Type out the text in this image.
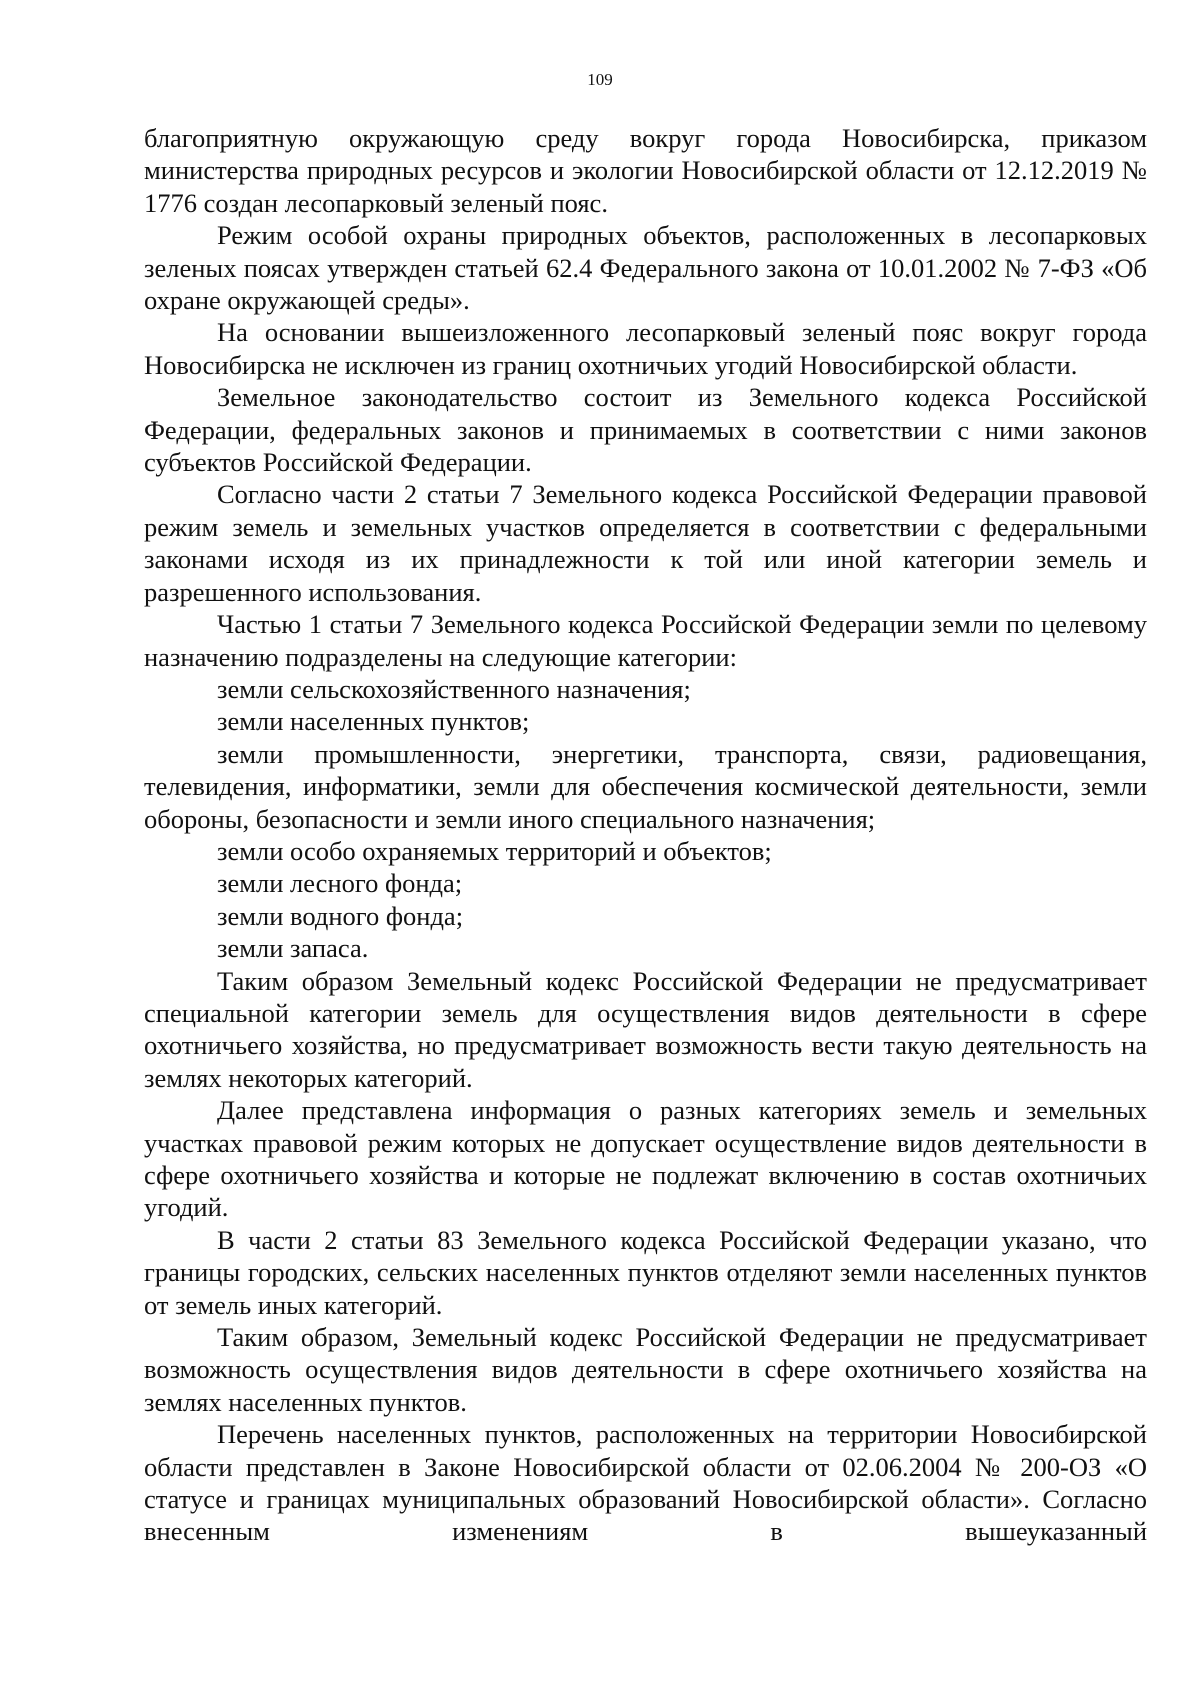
109

благоприятную окружающую среду вокруг города Новосибирска, приказом министерства природных ресурсов и экологии Новосибирской области от 12.12.2019 № 1776 создан лесопарковый зеленый пояс.

Режим особой охраны природных объектов, расположенных в лесопарковых зеленых поясах утвержден статьей 62.4 Федерального закона от 10.01.2002 № 7-ФЗ «Об охране окружающей среды».

На основании вышеизложенного лесопарковый зеленый пояс вокруг города Новосибирска не исключен из границ охотничьих угодий Новосибирской области.

Земельное законодательство состоит из Земельного кодекса Российской Федерации, федеральных законов и принимаемых в соответствии с ними законов субъектов Российской Федерации.

Согласно части 2 статьи 7 Земельного кодекса Российской Федерации правовой режим земель и земельных участков определяется в соответствии с федеральными законами исходя из их принадлежности к той или иной категории земель и разрешенного использования.

Частью 1 статьи 7 Земельного кодекса Российской Федерации земли по целевому назначению подразделены на следующие категории:

земли сельскохозяйственного назначения;

земли населенных пунктов;

земли промышленности, энергетики, транспорта, связи, радиовещания, телевидения, информатики, земли для обеспечения космической деятельности, земли обороны, безопасности и земли иного специального назначения;

земли особо охраняемых территорий и объектов;

земли лесного фонда;

земли водного фонда;

земли запаса.

Таким образом Земельный кодекс Российской Федерации не предусматривает специальной категории земель для осуществления видов деятельности в сфере охотничьего хозяйства, но предусматривает возможность вести такую деятельность на землях некоторых категорий.

Далее представлена информация о разных категориях земель и земельных участках правовой режим которых не допускает осуществление видов деятельности в сфере охотничьего хозяйства и которые не подлежат включению в состав охотничьих угодий.

В части 2 статьи 83 Земельного кодекса Российской Федерации указано, что границы городских, сельских населенных пунктов отделяют земли населенных пунктов от земель иных категорий.

Таким образом, Земельный кодекс Российской Федерации не предусматривает возможность осуществления видов деятельности в сфере охотничьего хозяйства на землях населенных пунктов.

Перечень населенных пунктов, расположенных на территории Новосибирской области представлен в Законе Новосибирской области от 02.06.2004 № 200-ОЗ «О статусе и границах муниципальных образований Новосибирской области». Согласно внесенным изменениям в вышеуказанный
